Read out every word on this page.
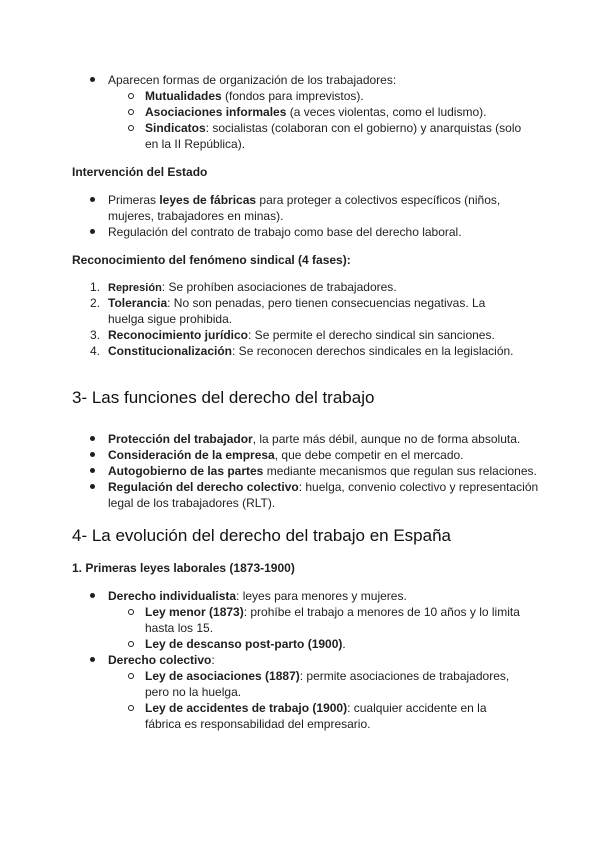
Aparecen formas de organización de los trabajadores:
Mutualidades (fondos para imprevistos).
Asociaciones informales (a veces violentas, como el ludismo).
Sindicatos: socialistas (colaboran con el gobierno) y anarquistas (solo
en la II República).
Intervención del Estado
Primeras leyes de fábricas para proteger a colectivos específicos (niños,
mujeres, trabajadores en minas).
Regulación del contrato de trabajo como base del derecho laboral.
Reconocimiento del fenómeno sindical (4 fases):
1. Represión: Se prohíben asociaciones de trabajadores.
2. Tolerancia: No son penadas, pero tienen consecuencias negativas. La
huelga sigue prohibida.
3. Reconocimiento jurídico: Se permite el derecho sindical sin sanciones.
4. Constitucionalización: Se reconocen derechos sindicales en la legislación.
3- Las funciones del derecho del trabajo
Protección del trabajador, la parte más débil, aunque no de forma absoluta.
Consideración de la empresa, que debe competir en el mercado.
Autogobierno de las partes mediante mecanismos que regulan sus relaciones.
Regulación del derecho colectivo: huelga, convenio colectivo y representación
legal de los trabajadores (RLT).
4- La evolución del derecho del trabajo en España
1. Primeras leyes laborales (1873-1900)
Derecho individualista: leyes para menores y mujeres.
Ley menor (1873): prohíbe el trabajo a menores de 10 años y lo limita
hasta los 15.
Ley de descanso post-parto (1900).
Derecho colectivo:
Ley de asociaciones (1887): permite asociaciones de trabajadores,
pero no la huelga.
Ley de accidentes de trabajo (1900): cualquier accidente en la
fábrica es responsabilidad del empresario.
